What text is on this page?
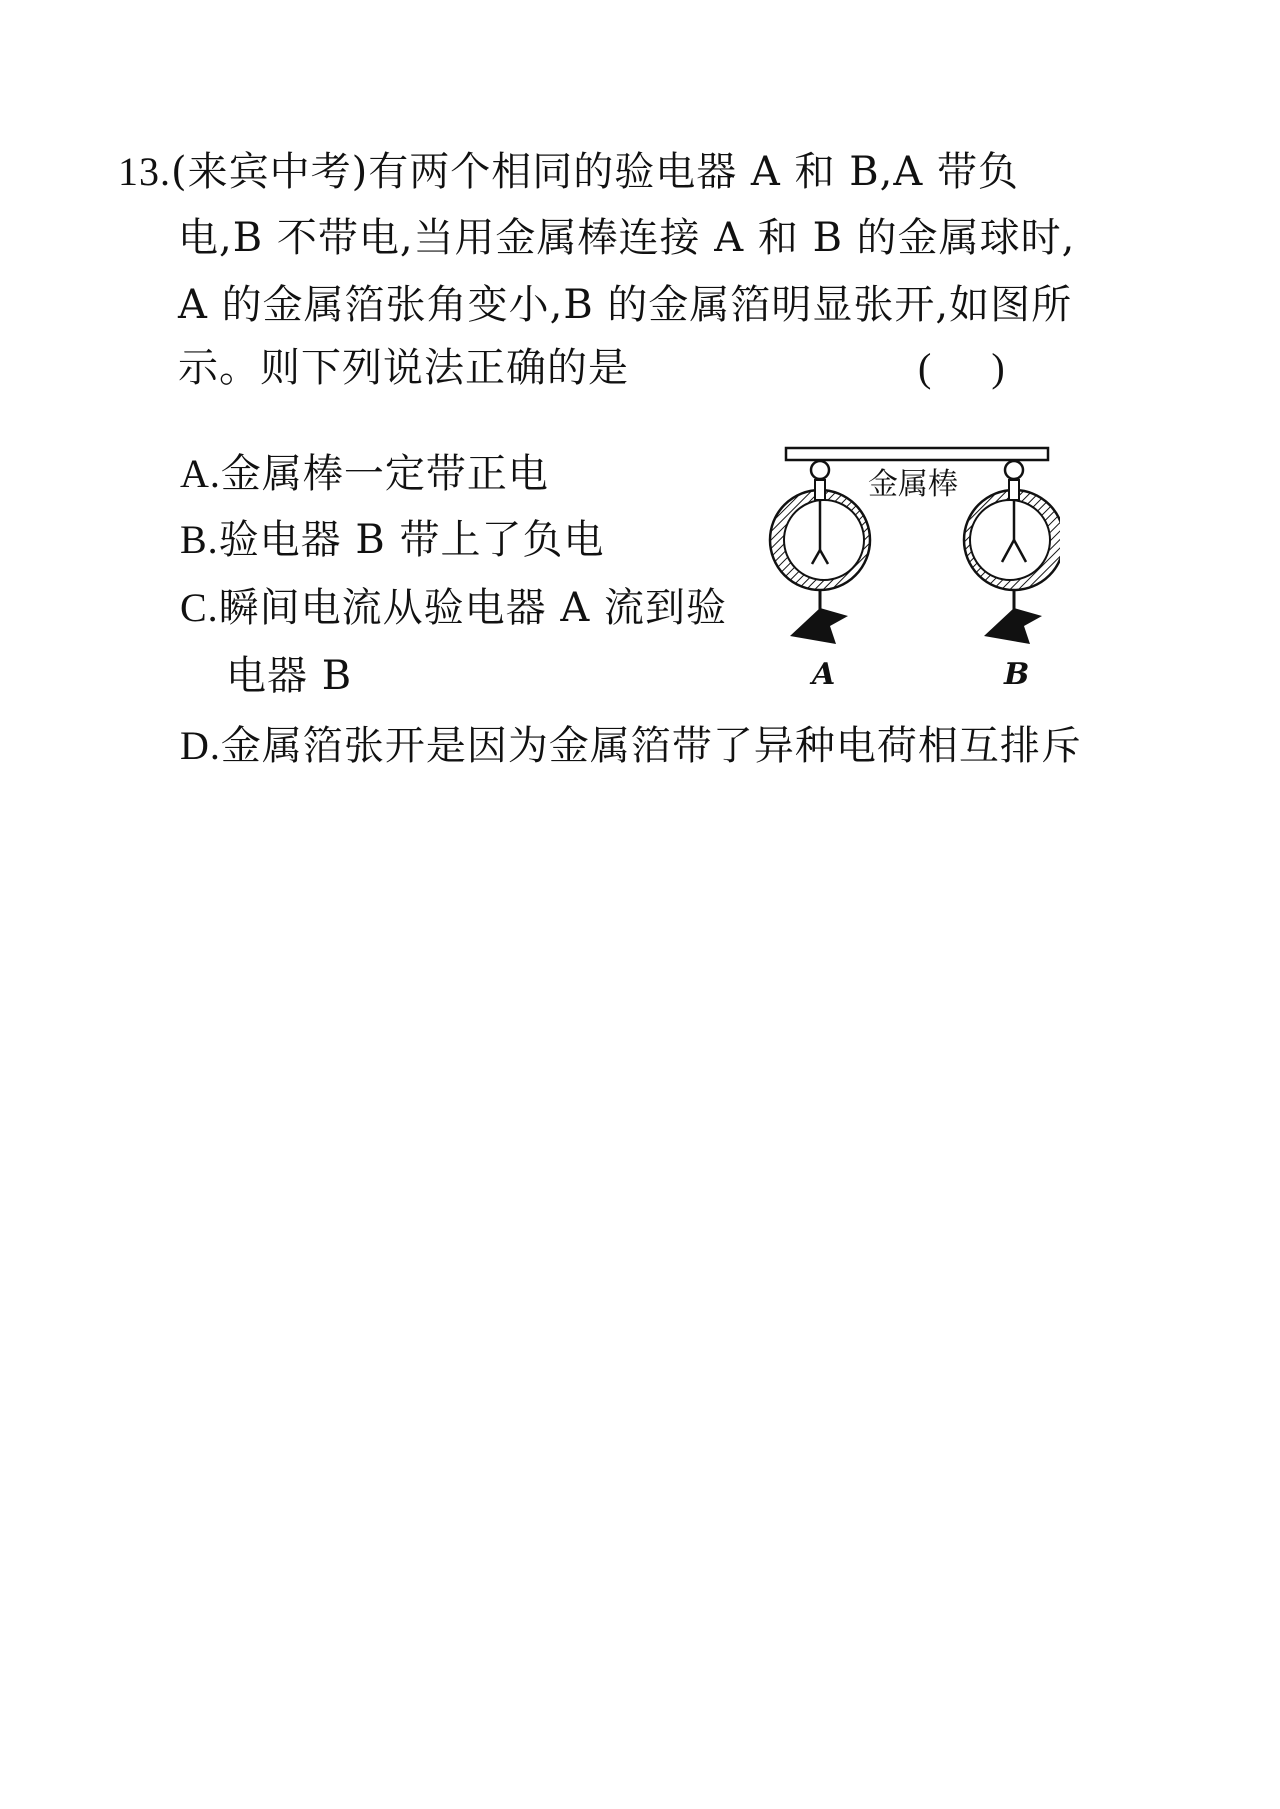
13.(来宾中考)有两个相同的验电器 A 和 B,A 带负
电,B 不带电,当用金属棒连接 A 和 B 的金属球时,
A 的金属箔张角变小,B 的金属箔明显张开,如图所
示。则下列说法正确的是	(      )
A.金属棒一定带正电
B.验电器 B 带上了负电
C.瞬间电流从验电器 A 流到验
电器 B
D.金属箔张开是因为金属箔带了异种电荷相互排斥
金属棒
A	B
